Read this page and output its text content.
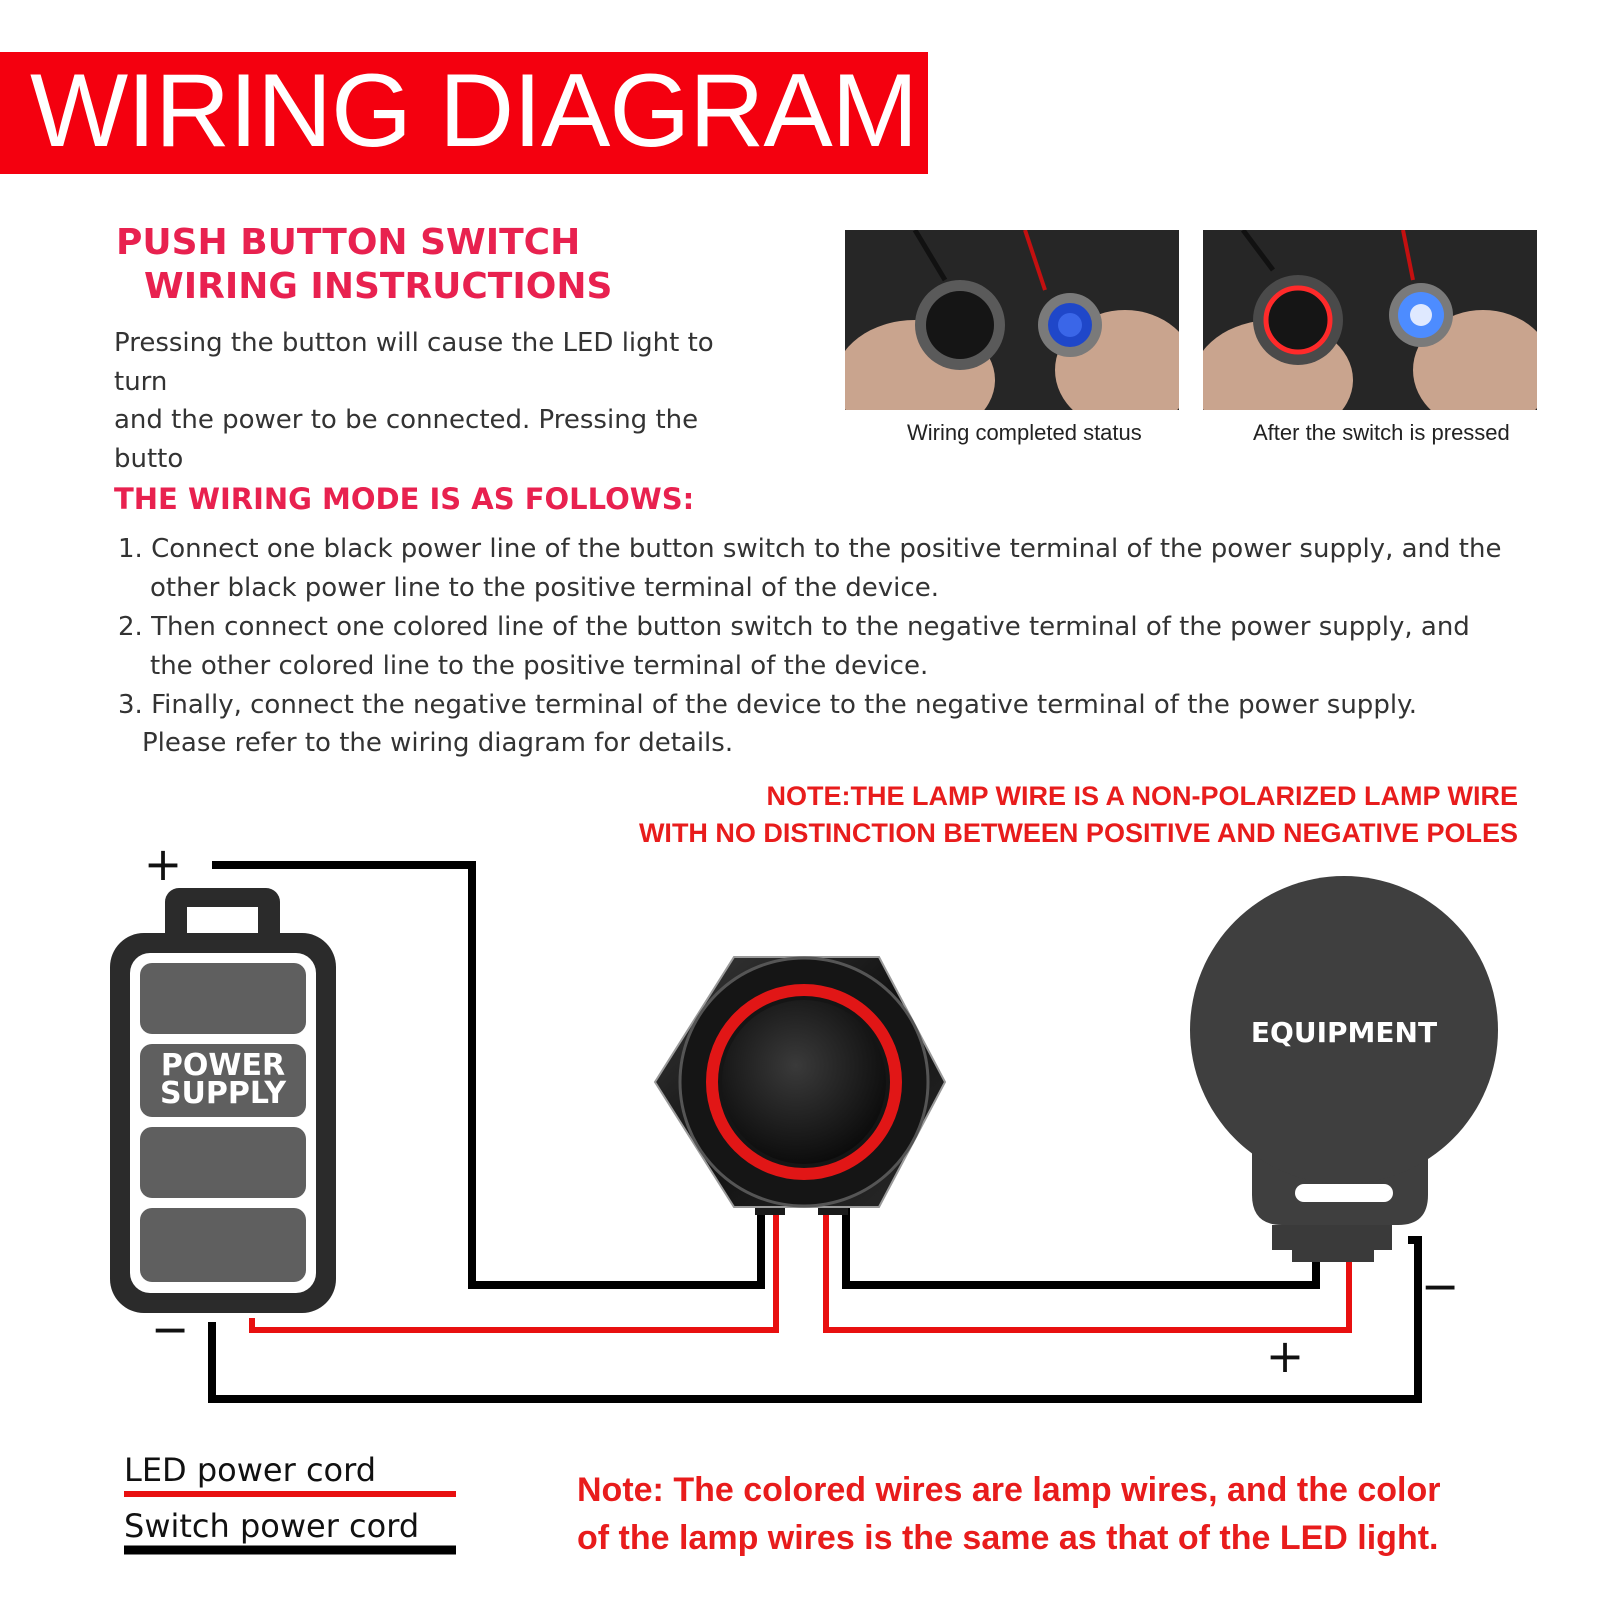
WIRING DIAGRAM
PUSH BUTTON SWITCH
WIRING INSTRUCTIONS
Pressing the button will cause the LED light to turn
and the power to be connected. Pressing the butto

THE WIRING MODE IS AS FOLLOWS:
1. Connect one black power line of the button switch to the positive terminal of the power supply, and the
other black power line to the positive terminal of the device.
2. Then connect one colored line of the button switch to the negative terminal of the power supply, and
the other colored line to the positive terminal of the device.
3. Finally, connect the negative terminal of the device to the negative terminal of the power supply.
Please refer to the wiring diagram for details.
Wiring completed status	After the switch is pressed
NOTE:THE LAMP WIRE IS A NON-POLARIZED LAMP WIRE
WITH NO DISTINCTION BETWEEN POSITIVE AND NEGATIVE POLES
POWER
SUPPLY
+
−
EQUIPMENT
−
+
LED power cord
Switch power cord
Note: The colored wires are lamp wires, and the color
of the lamp wires is the same as that of the LED light.
